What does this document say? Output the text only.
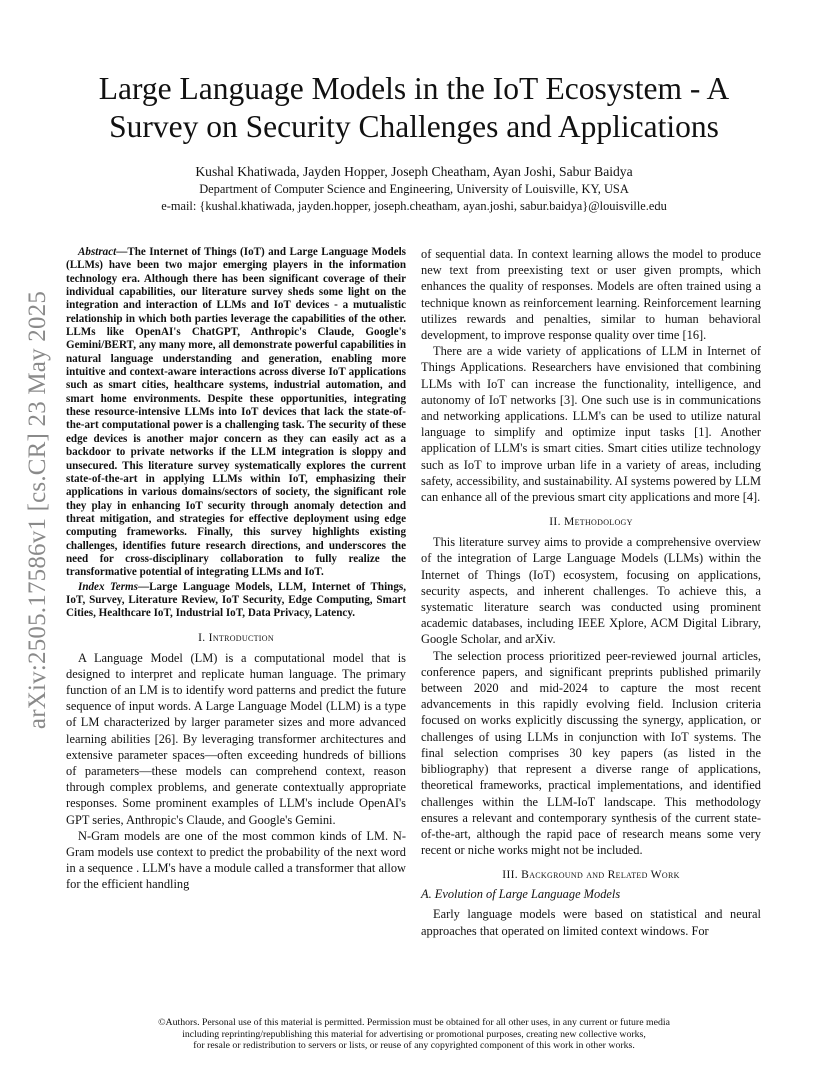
arXiv:2505.17586v1 [cs.CR] 23 May 2025
Large Language Models in the IoT Ecosystem - A Survey on Security Challenges and Applications
Kushal Khatiwada, Jayden Hopper, Joseph Cheatham, Ayan Joshi, Sabur Baidya
Department of Computer Science and Engineering, University of Louisville, KY, USA
e-mail: {kushal.khatiwada, jayden.hopper, joseph.cheatham, ayan.joshi, sabur.baidya}@louisville.edu

Abstract—The Internet of Things (IoT) and Large Language Models (LLMs) have been two major emerging players in the information technology era. Although there has been significant coverage of their individual capabilities, our literature survey sheds some light on the integration and interaction of LLMs and IoT devices - a mutualistic relationship in which both parties leverage the capabilities of the other. LLMs like OpenAI's ChatGPT, Anthropic's Claude, Google's Gemini/BERT, any many more, all demonstrate powerful capabilities in natural language understanding and generation, enabling more intuitive and context-aware interactions across diverse IoT applications such as smart cities, healthcare systems, industrial automation, and smart home environments. Despite these opportunities, integrating these resource-intensive LLMs into IoT devices that lack the state-of-the-art computational power is a challenging task. The security of these edge devices is another major concern as they can easily act as a backdoor to private networks if the LLM integration is sloppy and unsecured. This literature survey systematically explores the current state-of-the-art in applying LLMs within IoT, emphasizing their applications in various domains/sectors of society, the significant role they play in enhancing IoT security through anomaly detection and threat mitigation, and strategies for effective deployment using edge computing frameworks. Finally, this survey highlights existing challenges, identifies future research directions, and underscores the need for cross-disciplinary collaboration to fully realize the transformative potential of integrating LLMs and IoT.

Index Terms—Large Language Models, LLM, Internet of Things, IoT, Survey, Literature Review, IoT Security, Edge Computing, Smart Cities, Healthcare IoT, Industrial IoT, Data Privacy, Latency.

I. Introduction

A Language Model (LM) is a computational model that is designed to interpret and replicate human language. The primary function of an LM is to identify word patterns and predict the future sequence of input words. A Large Language Model (LLM) is a type of LM characterized by larger parameter sizes and more advanced learning abilities [26]. By leveraging transformer architectures and extensive parameter spaces—often exceeding hundreds of billions of parameters—these models can comprehend context, reason through complex problems, and generate contextually appropriate responses. Some prominent examples of LLM's include OpenAI's GPT series, Anthropic's Claude, and Google's Gemini.

N-Gram models are one of the most common kinds of LM. N-Gram models use context to predict the probability of the next word in a sequence . LLM's have a module called a transformer that allow for the efficient handling

of sequential data. In context learning allows the model to produce new text from preexisting text or user given prompts, which enhances the quality of responses. Models are often trained using a technique known as reinforcement learning. Reinforcement learning utilizes rewards and penalties, similar to human behavioral development, to improve response quality over time [16].

There are a wide variety of applications of LLM in Internet of Things Applications. Researchers have envisioned that combining LLMs with IoT can increase the functionality, intelligence, and autonomy of IoT networks [3]. One such use is in communications and networking applications. LLM's can be used to utilize natural language to simplify and optimize input tasks [1]. Another application of LLM's is smart cities. Smart cities utilize technology such as IoT to improve urban life in a variety of areas, including safety, accessibility, and sustainability. AI systems powered by LLM can enhance all of the previous smart city applications and more [4].

II. Methodology

This literature survey aims to provide a comprehensive overview of the integration of Large Language Models (LLMs) within the Internet of Things (IoT) ecosystem, focusing on applications, security aspects, and inherent challenges. To achieve this, a systematic literature search was conducted using prominent academic databases, including IEEE Xplore, ACM Digital Library, Google Scholar, and arXiv.

The selection process prioritized peer-reviewed journal articles, conference papers, and significant preprints published primarily between 2020 and mid-2024 to capture the most recent advancements in this rapidly evolving field. Inclusion criteria focused on works explicitly discussing the synergy, application, or challenges of using LLMs in conjunction with IoT systems. The final selection comprises 30 key papers (as listed in the bibliography) that represent a diverse range of applications, theoretical frameworks, practical implementations, and identified challenges within the LLM-IoT landscape. This methodology ensures a relevant and contemporary synthesis of the current state-of-the-art, although the rapid pace of research means some very recent or niche works might not be included.

III. Background and Related Work
A. Evolution of Large Language Models

Early language models were based on statistical and neural approaches that operated on limited context windows. For

©Authors. Personal use of this material is permitted. Permission must be obtained for all other uses, in any current or future media
including reprinting/republishing this material for advertising or promotional purposes, creating new collective works,
for resale or redistribution to servers or lists, or reuse of any copyrighted component of this work in other works.
